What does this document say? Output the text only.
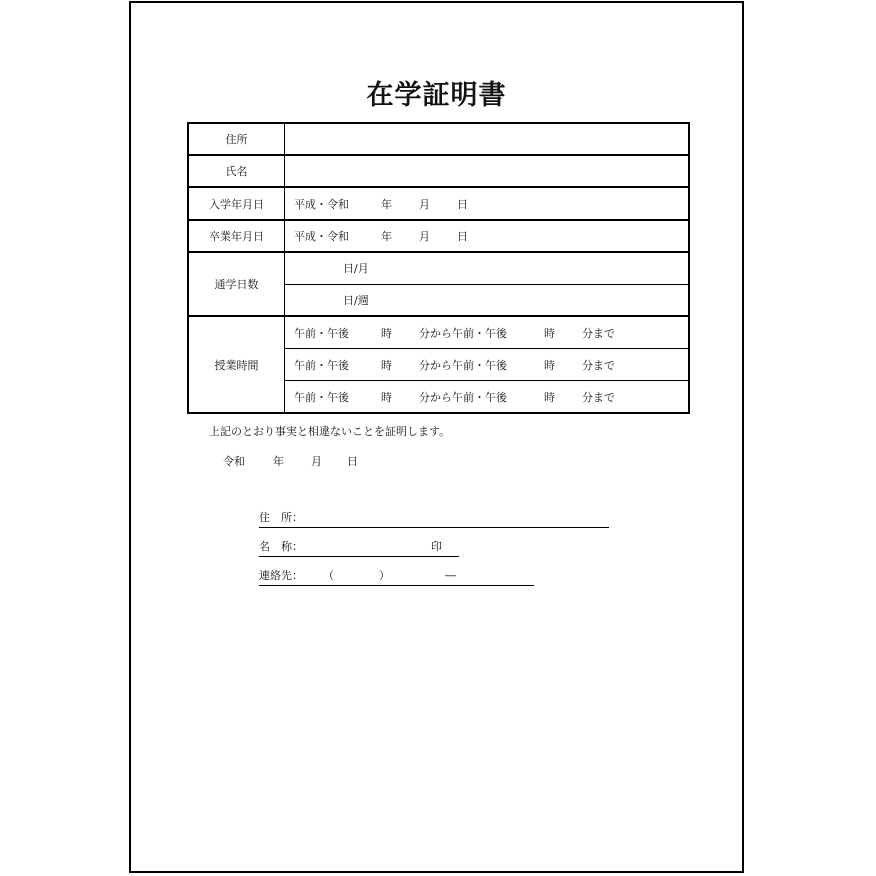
在学証明書
住所	
氏名	
入学年月日	平成・令和 年 月 日
卒業年月日	平成・令和 年 月 日
通学日数	日/月
	日/週
授業時間	午前・午後 時 分から午前・午後 時 分まで
	午前・午後 時 分から午前・午後 時 分まで
	午前・午後 時 分から午前・午後 時 分まで
上記のとおり事実と相違ないことを証明します。
令和	年 月 日
住　所：
名　称：	印
連絡先： （	）	―
